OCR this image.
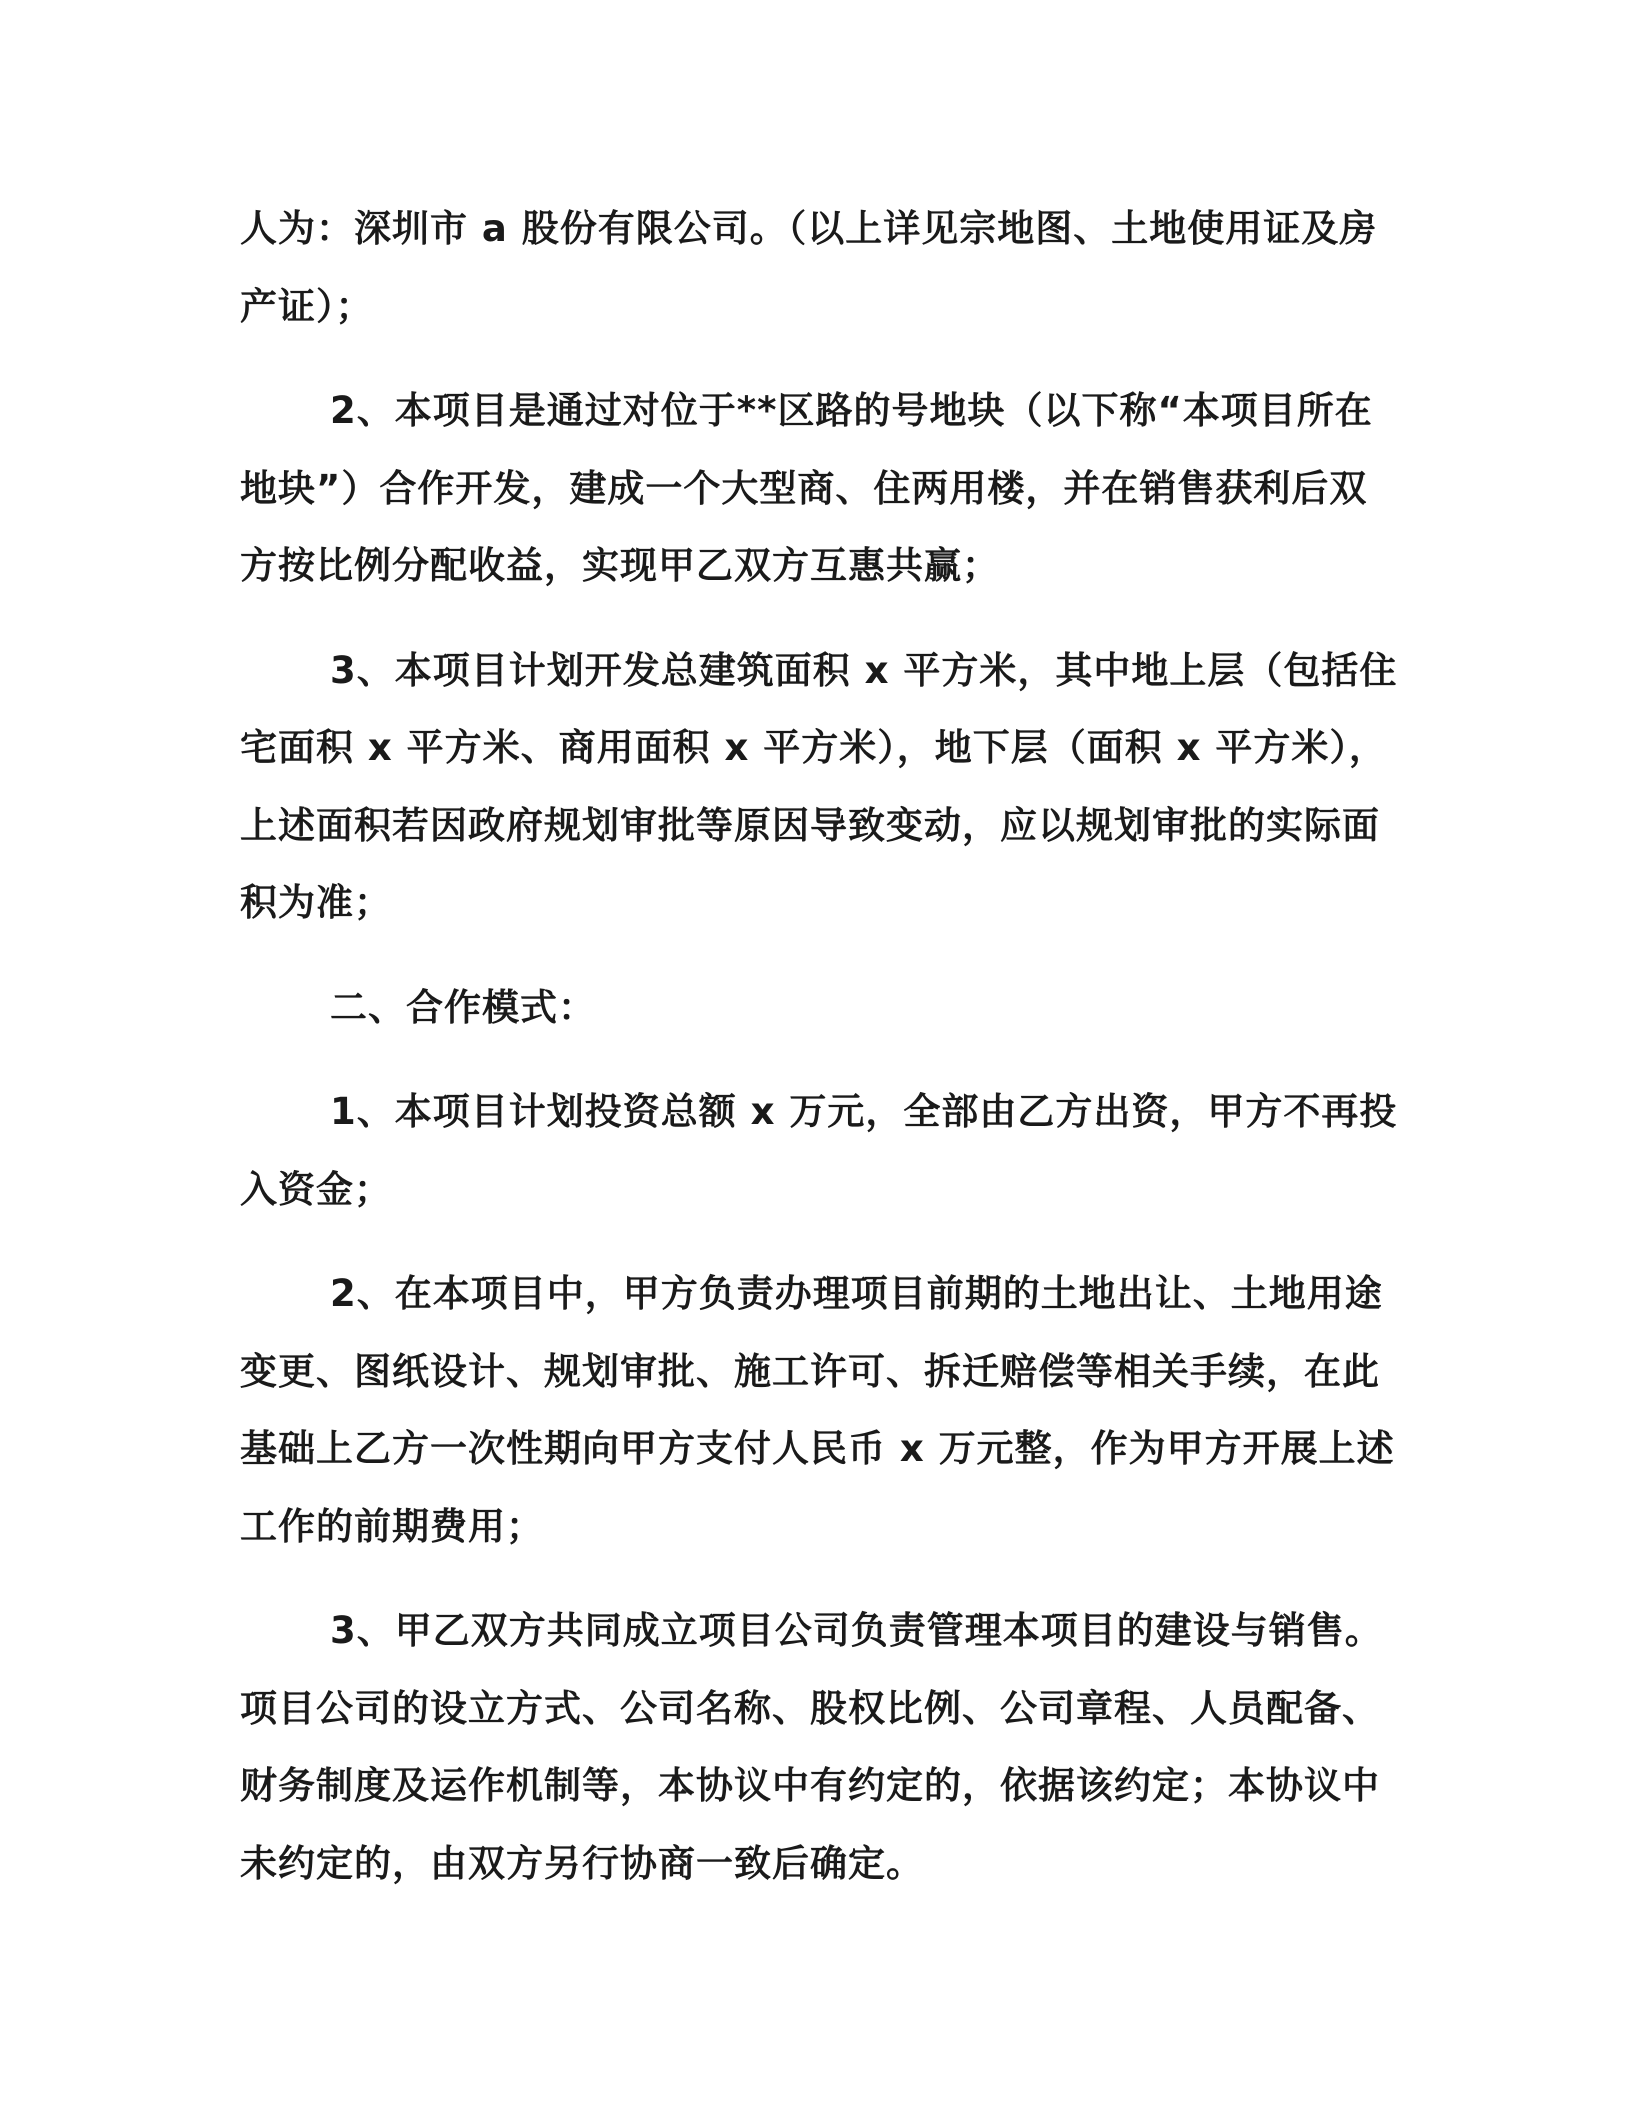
人为：深圳市 a 股份有限公司。（以上详见宗地图、土地使用证及房
产证）；

2、本项目是通过对位于**区路的号地块（以下称“本项目所在
地块”）合作开发，建成一个大型商、住两用楼，并在销售获利后双
方按比例分配收益，实现甲乙双方互惠共赢；

3、本项目计划开发总建筑面积 x 平方米，其中地上层（包括住
宅面积 x 平方米、商用面积 x 平方米），地下层（面积 x 平方米），
上述面积若因政府规划审批等原因导致变动，应以规划审批的实际面
积为准；

二、合作模式：

1、本项目计划投资总额 x 万元，全部由乙方出资，甲方不再投
入资金；

2、在本项目中，甲方负责办理项目前期的土地出让、土地用途
变更、图纸设计、规划审批、施工许可、拆迁赔偿等相关手续，在此
基础上乙方一次性期向甲方支付人民币 x 万元整，作为甲方开展上述
工作的前期费用；

3、甲乙双方共同成立项目公司负责管理本项目的建设与销售。
项目公司的设立方式、公司名称、股权比例、公司章程、人员配备、
财务制度及运作机制等，本协议中有约定的，依据该约定；本协议中
未约定的，由双方另行协商一致后确定。
